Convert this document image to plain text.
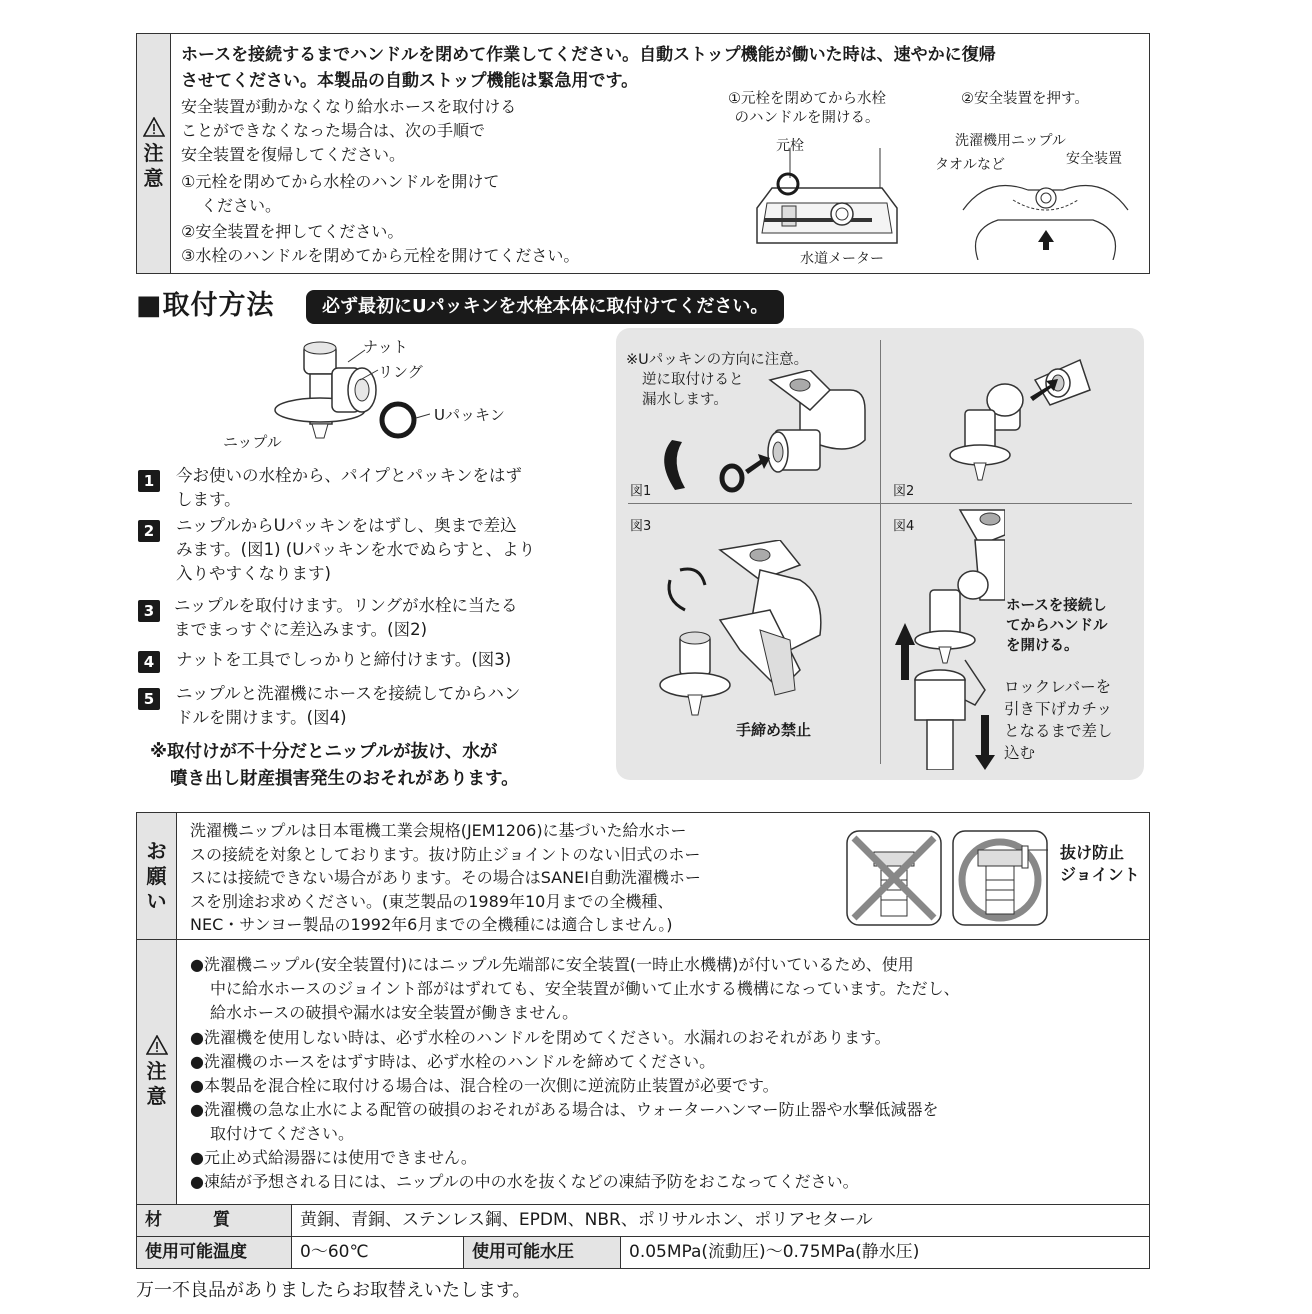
注
意
ホースを接続するまでハンドルを閉めて作業してください。自動ストップ機能が働いた時は、速やかに復帰
させてください。本製品の自動ストップ機能は緊急用です。
安全装置が動かなくなり給水ホースを取付ける
ことができなくなった場合は、次の手順で
安全装置を復帰してください。
①元栓を閉めてから水栓のハンドルを開けて
ください。
②安全装置を押してください。
③水栓のハンドルを閉めてから元栓を開けてください。
①元栓を閉めてから水栓
のハンドルを開ける。
元栓
水道メーター
②安全装置を押す。
洗濯機用ニップル
タオルなど	安全装置
■取付方法	必ず最初にUパッキンを水栓本体に取付けてください。
ナット
リング
Uパッキン
ニップル
1	今お使いの水栓から、パイプとパッキンをはず
します。
2	ニップルからUパッキンをはずし、奥まで差込
みます。(図1) (Uパッキンを水でぬらすと、より
入りやすくなります)
3	ニップルを取付けます。リングが水栓に当たる
までまっすぐに差込みます。(図2)
4	ナットを工具でしっかりと締付けます。(図3)
5	ニップルと洗濯機にホースを接続してからハン
ドルを開けます。(図4)
※取付けが不十分だとニップルが抜け、水が
噴き出し財産損害発生のおそれがあります。
※Uパッキンの方向に注意。
逆に取付けると
漏水します。
図1	図2
図3
手締め禁止
図4
ホースを接続し
てからハンドル
を開ける。
ロックレバーを
引き下げカチッ
となるまで差し
込む
お
願
い
洗濯機ニップルは日本電機工業会規格(JEM1206)に基づいた給水ホー
スの接続を対象としております。抜け防止ジョイントのない旧式のホー
スには接続できない場合があります。その場合はSANEI自動洗濯機ホー
スを別途お求めください。(東芝製品の1989年10月までの全機種、
NEC・サンヨー製品の1992年6月までの全機種には適合しません。)
抜け防止
ジョイント
注
意
●洗濯機ニップル(安全装置付)にはニップル先端部に安全装置(一時止水機構)が付いているため、使用
中に給水ホースのジョイント部がはずれても、安全装置が働いて止水する機構になっています。ただし、
給水ホースの破損や漏水は安全装置が働きません。
●洗濯機を使用しない時は、必ず水栓のハンドルを閉めてください。水漏れのおそれがあります。
●洗濯機のホースをはずす時は、必ず水栓のハンドルを締めてください。
●本製品を混合栓に取付ける場合は、混合栓の一次側に逆流防止装置が必要です。
●洗濯機の急な止水による配管の破損のおそれがある場合は、ウォーターハンマー防止器や水撃低減器を
取付けてください。
●元止め式給湯器には使用できません。
●凍結が予想される日には、ニップルの中の水を抜くなどの凍結予防をおこなってください。
材　　　質	黄銅、青銅、ステンレス鋼、EPDM、NBR、ポリサルホン、ポリアセタール
使用可能温度	0～60℃	使用可能水圧	0.05MPa(流動圧)～0.75MPa(静水圧)
万一不良品がありましたらお取替えいたします。
